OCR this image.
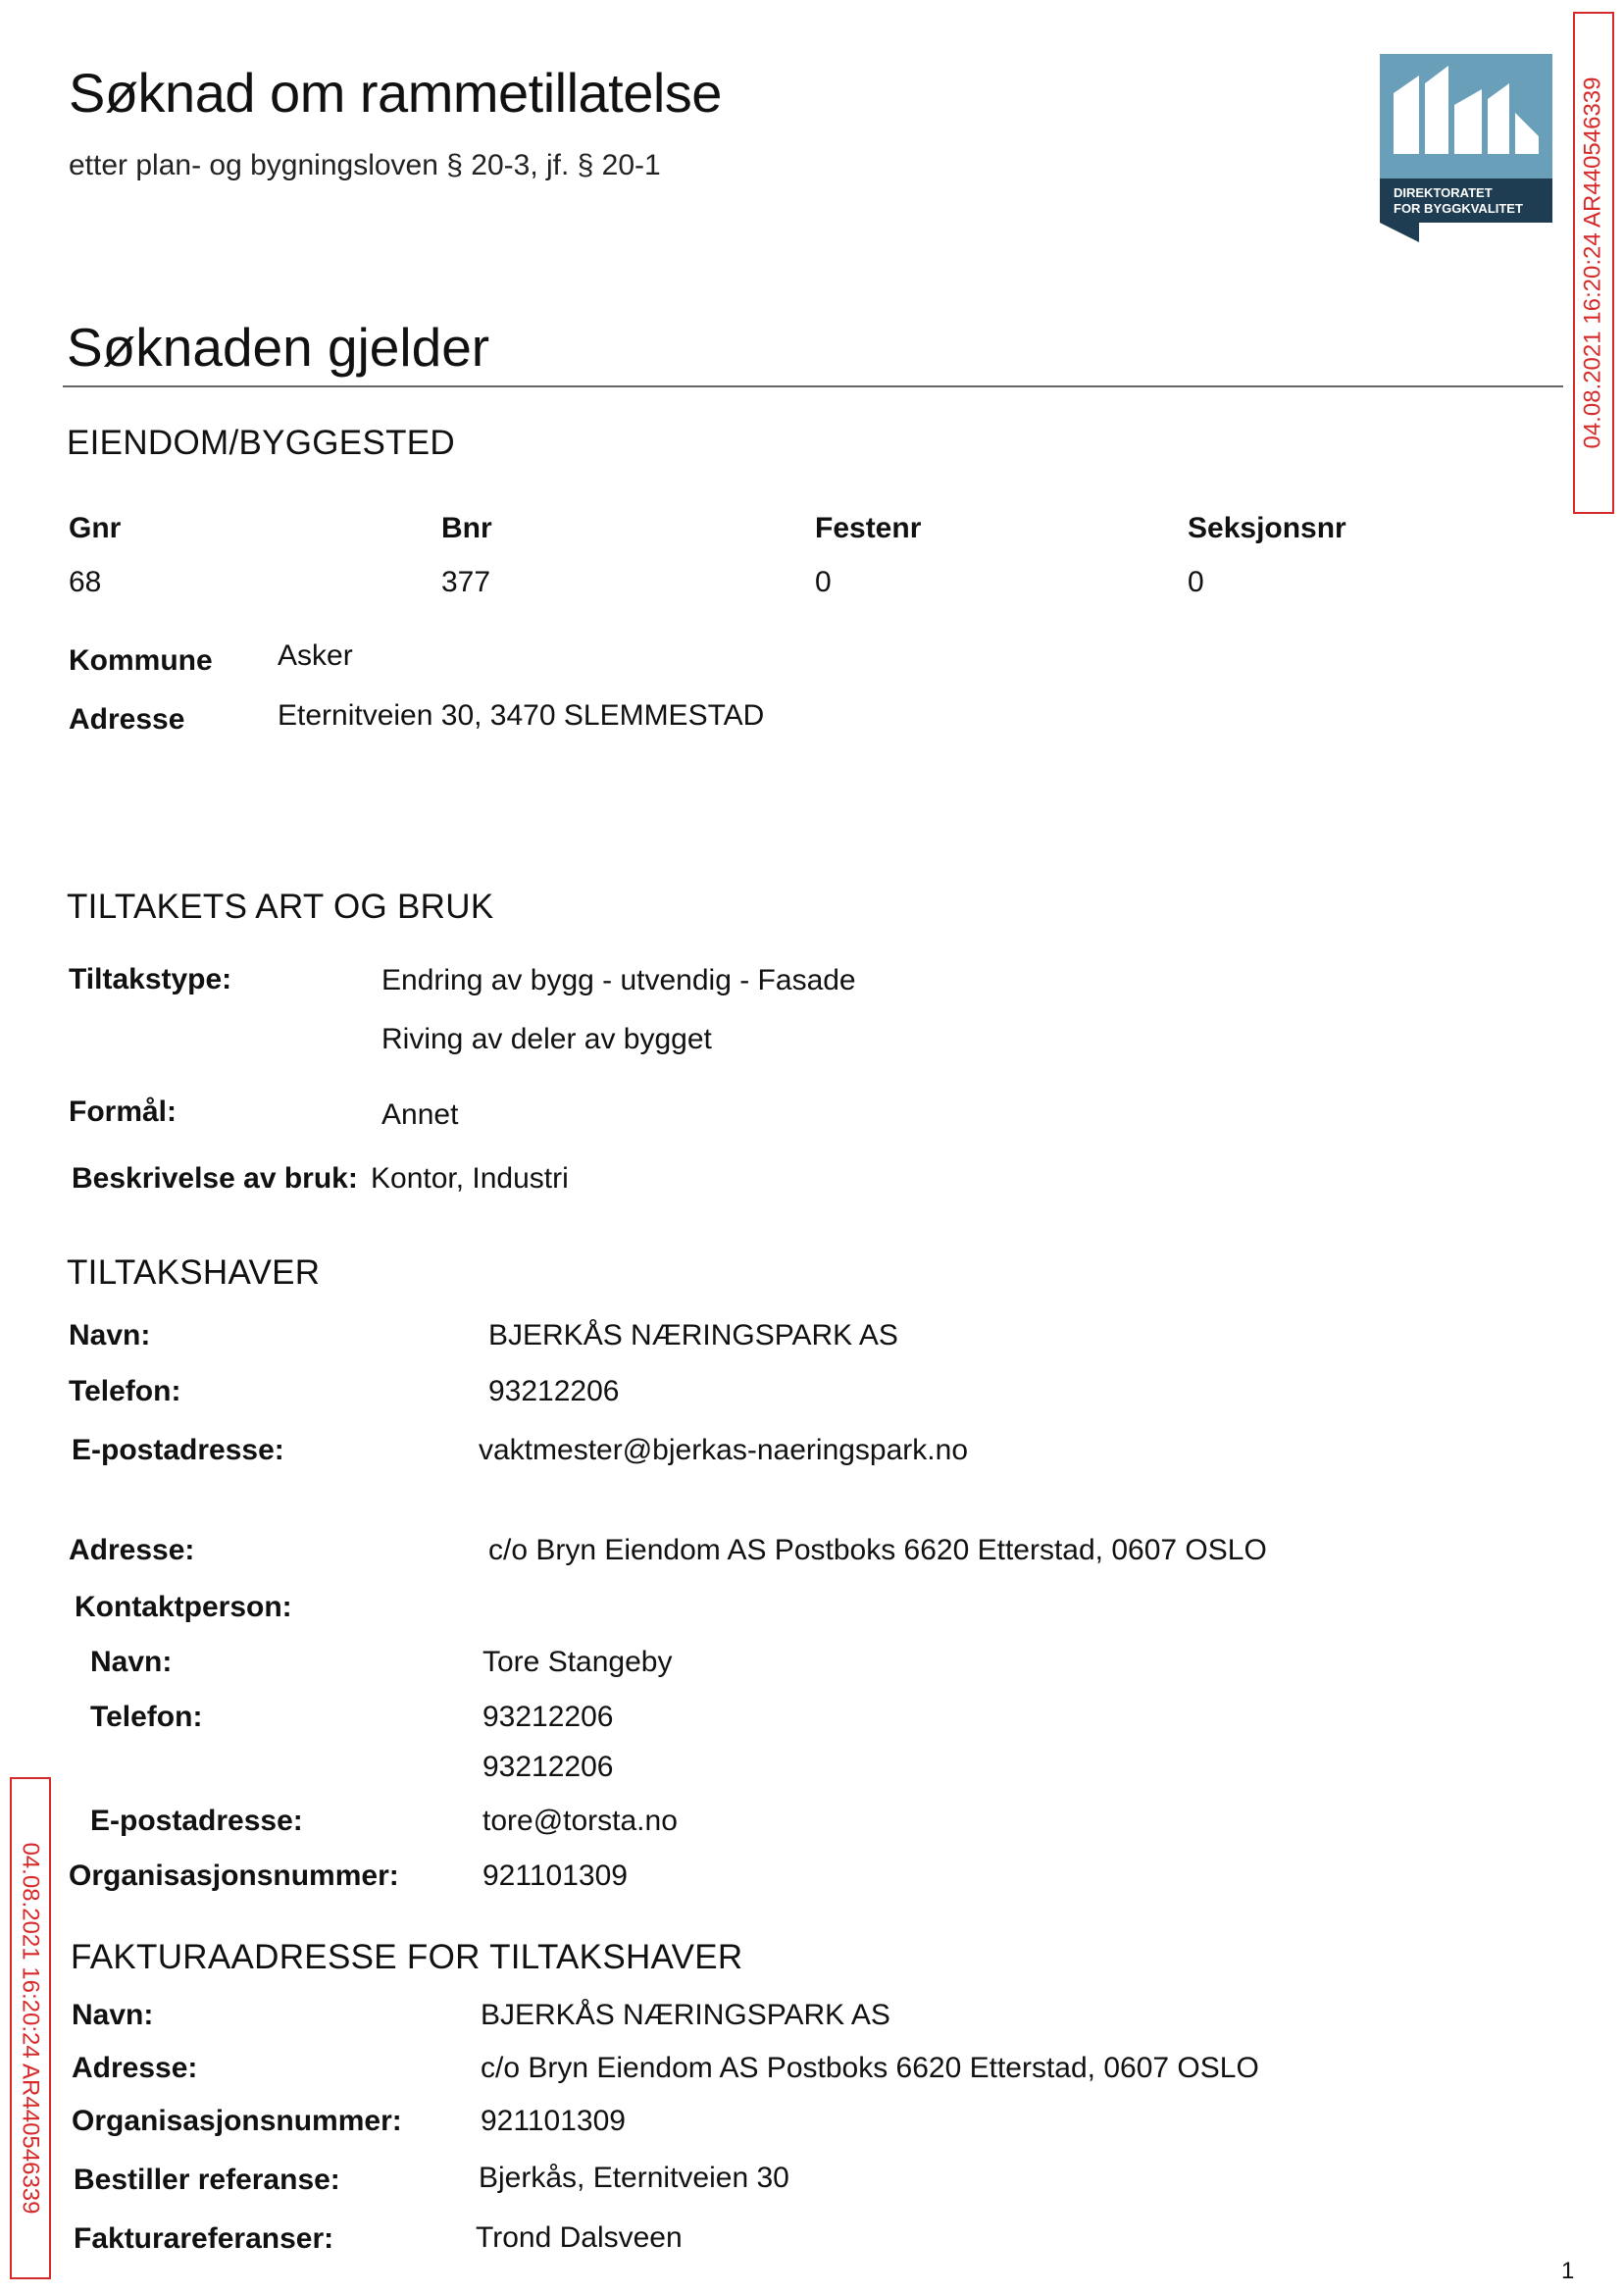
Søknad om rammetillatelse
etter plan- og bygningsloven § 20-3, jf. § 20-1
DIREKTORATET
FOR BYGGKVALITET 04.08.2021 16:20:24 AR440546339
04.08.2021 16:20:24 AR440546339
Søknaden gjelder
EIENDOM/BYGGESTED
Gnr	Bnr	Festenr	Seksjonsnr
68	377	0	0
Kommune Asker
Adresse	Eternitveien 30, 3470 SLEMMESTAD
TILTAKETS ART OG BRUK
Tiltakstype:	Endring av bygg - utvendig - Fasade
Riving av deler av bygget
Formål:	Annet
Beskrivelse av bruk: Kontor, Industri
TILTAKSHAVER
Navn:	BJERKÅS NÆRINGSPARK AS
Telefon:	93212206
E-postadresse:	vaktmester@bjerkas-naeringspark.no
Adresse:	c/o Bryn Eiendom AS Postboks 6620 Etterstad, 0607 OSLO
Kontaktperson:
Navn:	Tore Stangeby
Telefon:	93212206
93212206
E-postadresse:	tore@torsta.no
Organisasjonsnummer:	921101309
FAKTURAADRESSE FOR TILTAKSHAVER
Navn:	BJERKÅS NÆRINGSPARK AS
Adresse:	c/o Bryn Eiendom AS Postboks 6620 Etterstad, 0607 OSLO
Organisasjonsnummer:	921101309
Bestiller referanse:	Bjerkås, Eternitveien 30
Fakturareferanser:	Trond Dalsveen
1
